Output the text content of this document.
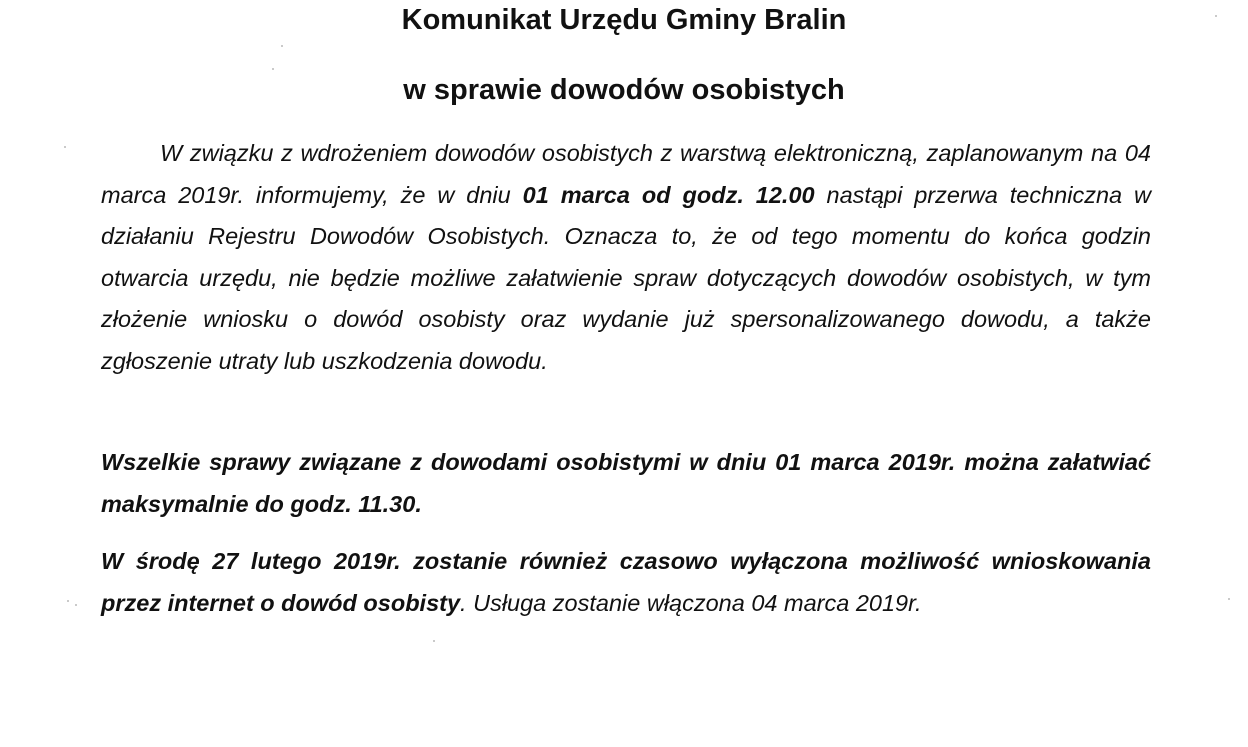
Komunikat Urzędu Gminy Bralin
w sprawie dowodów osobistych
W związku z wdrożeniem dowodów osobistych z warstwą elektroniczną, zaplanowanym na 04 marca 2019r. informujemy, że w dniu 01 marca od godz. 12.00 nastąpi przerwa techniczna w działaniu Rejestru Dowodów Osobistych. Oznacza to, że od tego momentu do końca godzin otwarcia urzędu, nie będzie możliwe załatwienie spraw dotyczących dowodów osobistych, w tym złożenie wniosku o dowód osobisty oraz wydanie już spersonalizowanego dowodu, a także zgłoszenie utraty lub uszkodzenia dowodu.
Wszelkie sprawy związane z dowodami osobistymi w dniu 01 marca 2019r. można załatwiać maksymalnie do godz. 11.30.
W środę 27 lutego 2019r. zostanie również czasowo wyłączona możliwość wnioskowania przez internet o dowód osobisty. Usługa zostanie włączona 04 marca 2019r.
